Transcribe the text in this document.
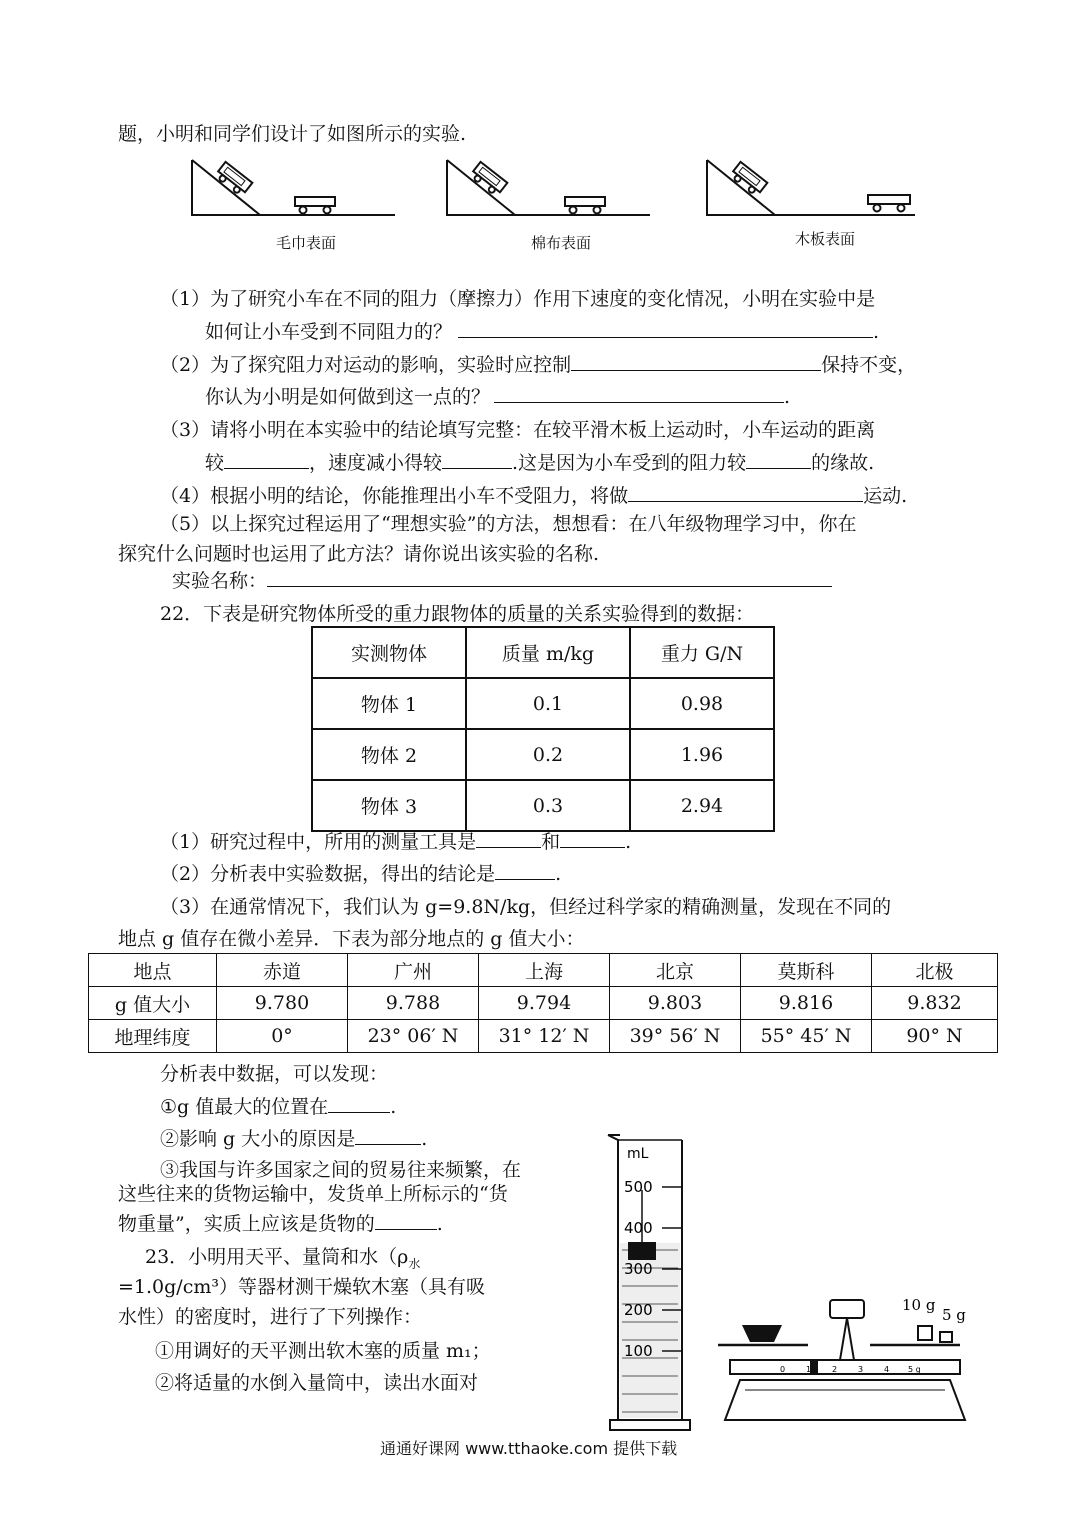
题，小明和同学们设计了如图所示的实验.
毛巾表面	棉布表面	木板表面
（1）为了研究小车在不同的阻力（摩擦力）作用下速度的变化情况，小明在实验中是
如何让小车受到不同阻力的？	.
（2）为了探究阻力对运动的影响，实验时应控制	保持不变，
你认为小明是如何做到这一点的？	.
（3）请将小明在本实验中的结论填写完整：在较平滑木板上运动时，小车运动的距离
较	，速度减小得较	.这是因为小车受到的阻力较	的缘故.
（4）根据小明的结论，你能推理出小车不受阻力，将做	运动.
（5）以上探究过程运用了“理想实验”的方法，想想看：在八年级物理学习中，你在
探究什么问题时也运用了此方法？请你说出该实验的名称.
实验名称：
22．下表是研究物体所受的重力跟物体的质量的关系实验得到的数据：
实测物体	质量 m/kg	重力 G/N
物体 1	0.1	0.98
物体 2	0.2	1.96
物体 3	0.3	2.94
（1）研究过程中，所用的测量工具是	和	.
（2）分析表中实验数据，得出的结论是	.
（3）在通常情况下，我们认为 g=9.8N/kg，但经过科学家的精确测量，发现在不同的
地点 g 值存在微小差异．下表为部分地点的 g 值大小：
地点	赤道	广州	上海	北京	莫斯科	北极
g 值大小	9.780	9.788	9.794	9.803	9.816	9.832
地理纬度	0°	23° 06′ N	31° 12′ N	39° 56′ N	55° 45′ N	90° N
分析表中数据，可以发现：
①g 值最大的位置在	.
②影响 g 大小的原因是	.
③我国与许多国家之间的贸易往来频繁，在
这些往来的货物运输中，发货单上所标示的“货
物重量”，实质上应该是货物的	.
23．小明用天平、量筒和水（$\rho_水$
=1.0g/cm³）等器材测干燥软木塞（具有吸
水性）的密度时，进行了下列操作：
①用调好的天平测出软木塞的质量 m₁；
②将适量的水倒入量筒中，读出水面对
mL
500
400
300
200
100
10 g
5 g
0	1	2	3	4 5 g
通通好课网 www.tthaoke.com 提供下载
